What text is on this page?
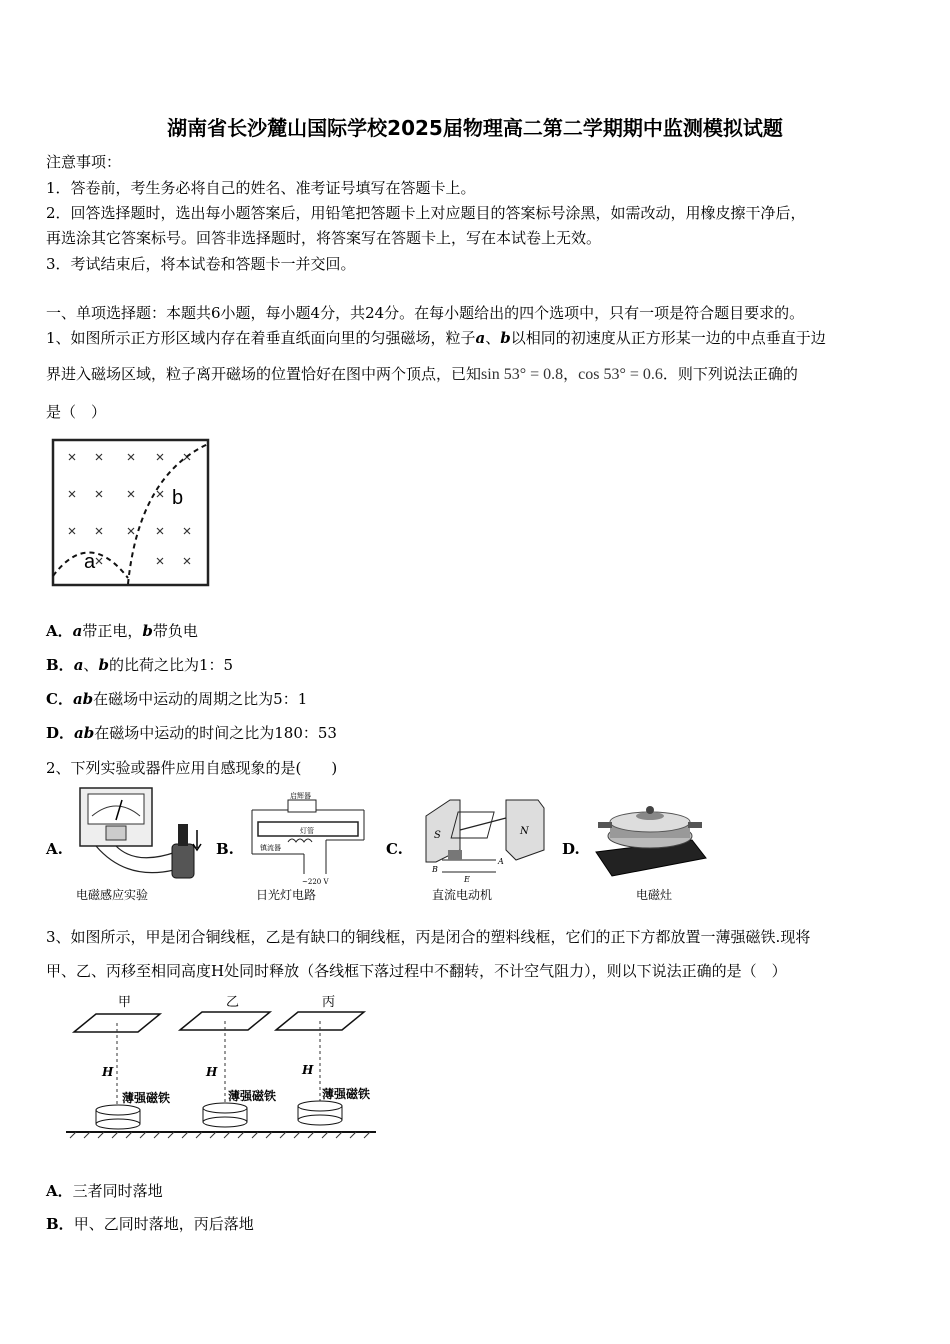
湖南省长沙麓山国际学校2025届物理高二第二学期期中监测模拟试题
注意事项：
1．答卷前，考生务必将自己的姓名、准考证号填写在答题卡上。
2．回答选择题时，选出每小题答案后，用铅笔把答题卡上对应题目的答案标号涂黑，如需改动，用橡皮擦干净后，
再选涂其它答案标号。回答非选择题时，将答案写在答题卡上，写在本试卷上无效。
3．考试结束后，将本试卷和答题卡一并交回。
一、单项选择题：本题共6小题，每小题4分，共24分。在每小题给出的四个选项中，只有一项是符合题目要求的。
1、如图所示正方形区域内存在着垂直纸面向里的匀强磁场，粒子a、b以相同的初速度从正方形某一边的中点垂直于边
界进入磁场区域，粒子离开磁场的位置恰好在图中两个顶点，已知sin 53° = 0.8，cos 53° = 0.6．则下列说法正确的
是（　）
a
b
A．a带正电，b带负电
B．a、b的比荷之比为1：5
C．ab在磁场中运动的周期之比为5：1
D．ab在磁场中运动的时间之比为180：53
2、下列实验或器件应用自感现象的是(　　)
A.
电磁感应实验
B.
启辉器
灯管
镇流器
~220 V
日光灯电路
C.
S	N
B
E
A
直流电动机
D.
电磁灶
3、如图所示，甲是闭合铜线框，乙是有缺口的铜线框，丙是闭合的塑料线框，它们的正下方都放置一薄强磁铁.现将
甲、乙、丙移至相同高度H处同时释放（各线框下落过程中不翻转，不计空气阻力），则以下说法正确的是（　）
甲	乙	丙
H	H	H
薄强磁铁	薄强磁铁	薄强磁铁
A．三者同时落地
B．甲、乙同时落地，丙后落地
